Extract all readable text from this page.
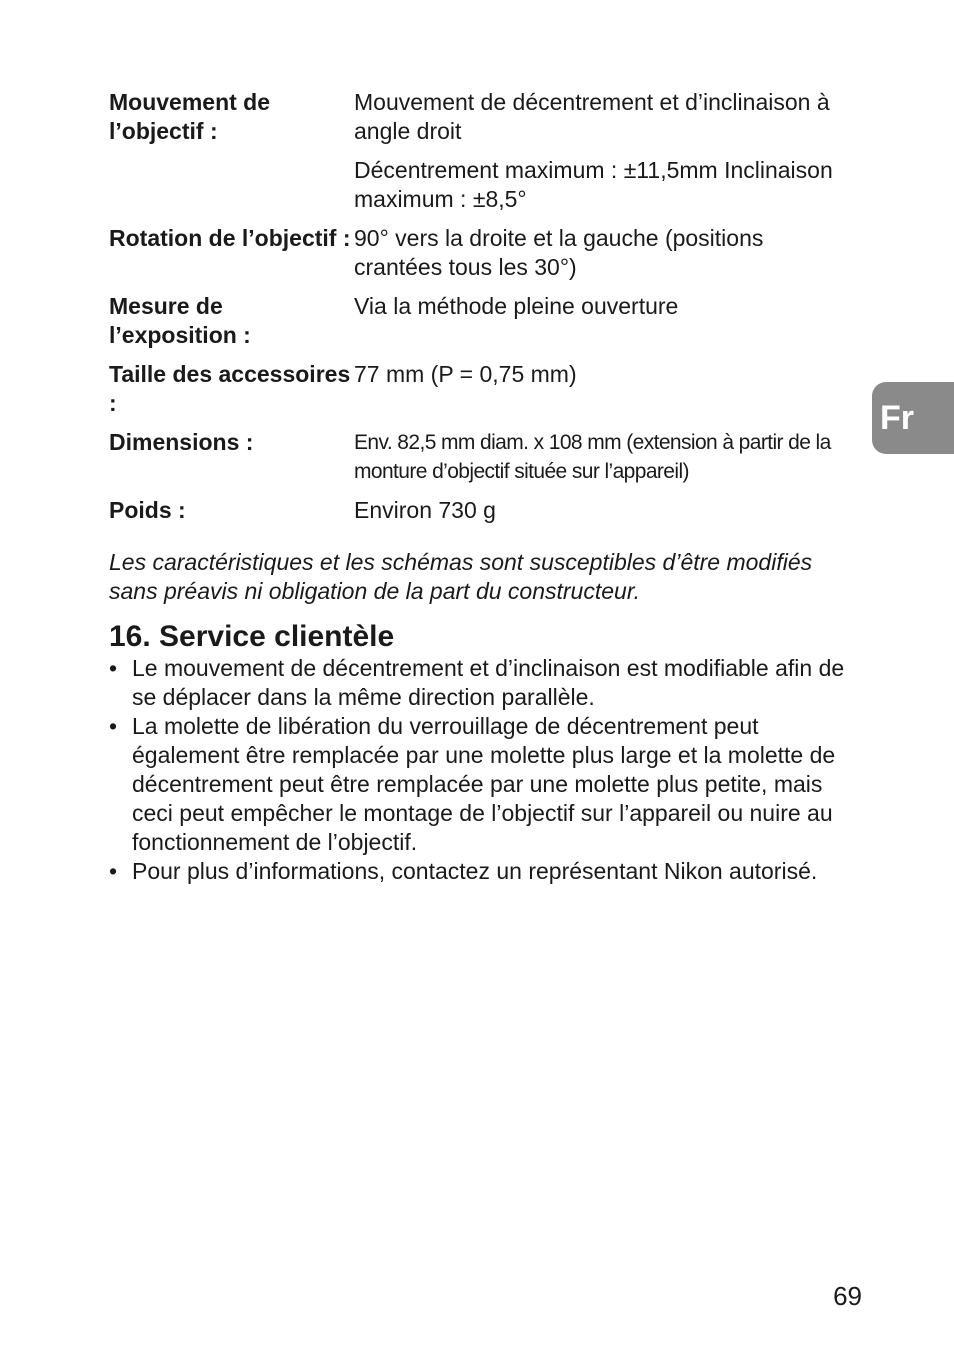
Mouvement de l’objectif :

Mouvement de décentrement et d’inclinaison à angle droit

Décentrement maximum : ±11,5mm Inclinaison maximum : ±8,5°

Rotation de l’objectif : 90° vers la droite et la gauche (positions crantées tous les 30°)

Mesure de l’exposition :

Via la méthode pleine ouverture

Taille des accessoires :

77 mm (P = 0,75 mm)

Dimensions :	Env. 82,5 mm diam. x 108 mm (extension à partir de la monture d’objectif située sur l’appareil)

Poids :	Environ 730 g

Les caractéristiques et les schémas sont susceptibles d’être modifiés sans préavis ni obligation de la part du constructeur.

16. Service clientèle
• Le mouvement de décentrement et d’inclinaison est modifiable afin de se déplacer dans la même direction parallèle.
• La molette de libération du verrouillage de décentrement peut également être remplacée par une molette plus large et la molette de décentrement peut être remplacée par une molette plus petite, mais ceci peut empêcher le montage de l’objectif sur l’appareil ou nuire au fonctionnement de l’objectif.
• Pour plus d’informations, contactez un représentant Nikon autorisé.
Fr
69
